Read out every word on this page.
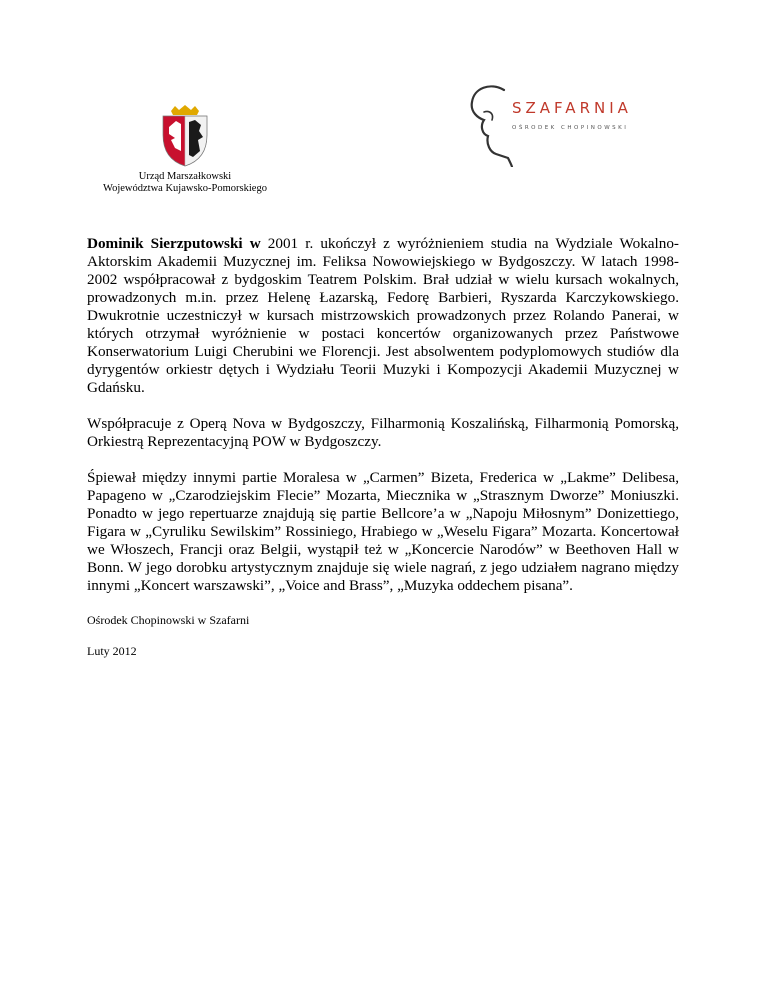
Urząd Marszałkowski
Województwa Kujawsko-Pomorskiego
SZAFARNIA
OŚRODEK CHOPINOWSKI

Dominik Sierzputowski w 2001 r. ukończył z wyróżnieniem studia na Wydziale Wokalno-Aktorskim Akademii Muzycznej im. Feliksa Nowowiejskiego w Bydgoszczy. W latach 1998-2002 współpracował z bydgoskim Teatrem Polskim. Brał udział w wielu kursach wokalnych, prowadzonych m.in. przez Helenę Łazarską, Fedorę Barbieri, Ryszarda Karczykowskiego. Dwukrotnie uczestniczył w kursach mistrzowskich prowadzonych przez Rolando Panerai, w których otrzymał wyróżnienie w postaci koncertów organizowanych przez Państwowe Konserwatorium Luigi Cherubini we Florencji. Jest absolwentem podyplomowych studiów dla dyrygentów orkiestr dętych i Wydziału Teorii Muzyki i Kompozycji Akademii Muzycznej w Gdańsku.

Współpracuje z Operą Nova w Bydgoszczy, Filharmonią Koszalińską, Filharmonią Pomorską, Orkiestrą Reprezentacyjną POW w Bydgoszczy.

Śpiewał między innymi partie Moralesa w „Carmen” Bizeta, Frederica w „Lakme” Delibesa, Papageno w „Czarodziejskim Flecie” Mozarta, Miecznika w „Strasznym Dworze” Moniuszki. Ponadto w jego repertuarze znajdują się partie Bellcore’a w „Napoju Miłosnym” Donizettiego, Figara w „Cyruliku Sewilskim” Rossiniego, Hrabiego w „Weselu Figara” Mozarta. Koncertował we Włoszech, Francji oraz Belgii, wystąpił też w „Koncercie Narodów” w Beethoven Hall w Bonn. W jego dorobku artystycznym znajduje się wiele nagrań, z jego udziałem nagrano między innymi „Koncert warszawski”, „Voice and Brass”, „Muzyka oddechem pisana”.

Ośrodek Chopinowski w Szafarni

Luty 2012
